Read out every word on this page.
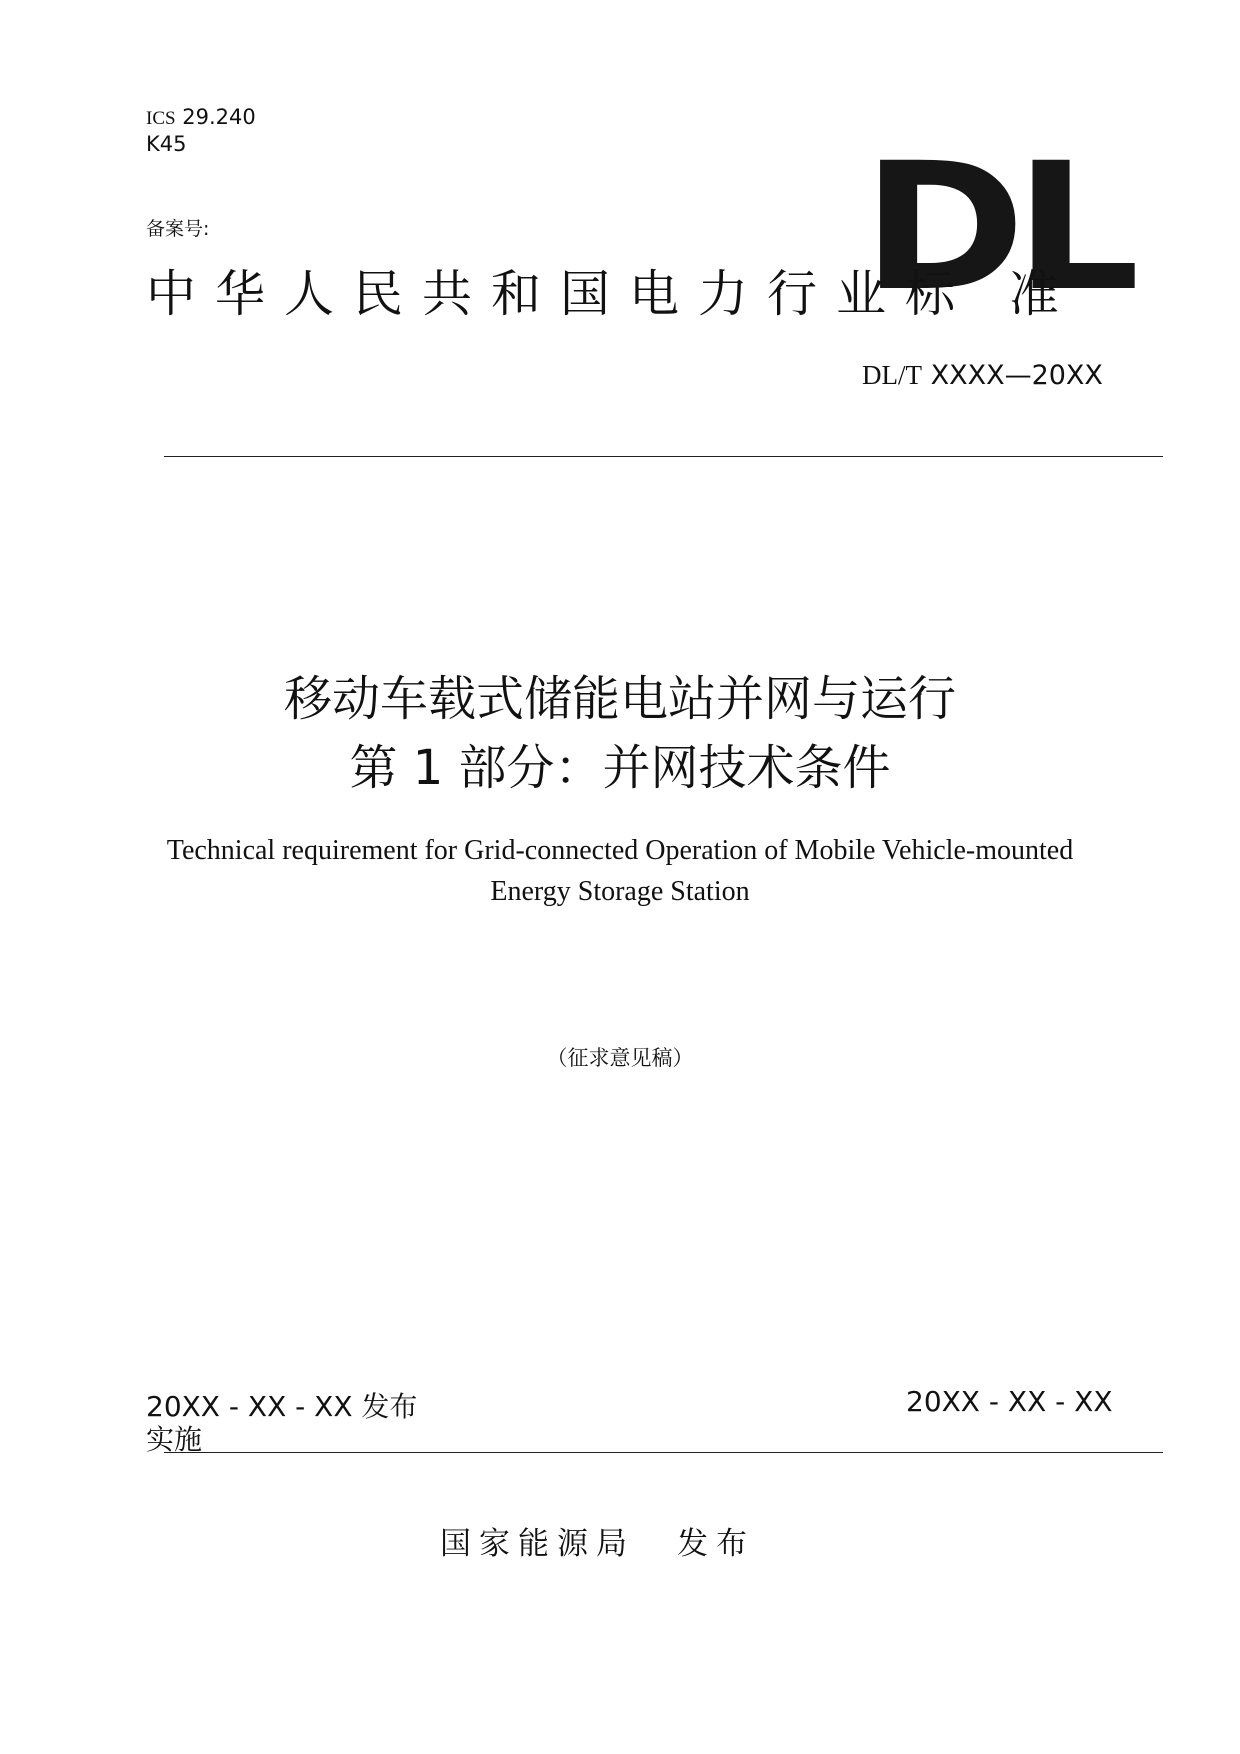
ICS 29.240
K45
备案号:	DL
中华人民共和国电力行业标 准
DL/T XXXX—20XX
移动车载式储能电站并网与运行
第 1 部分：并网技术条件
Technical requirement for Grid-connected Operation of Mobile Vehicle-mounted
Energy Storage Station
（征求意见稿）
20XX - XX - XX 发布	20XX - XX - XX
实施
国家能源局 发布
